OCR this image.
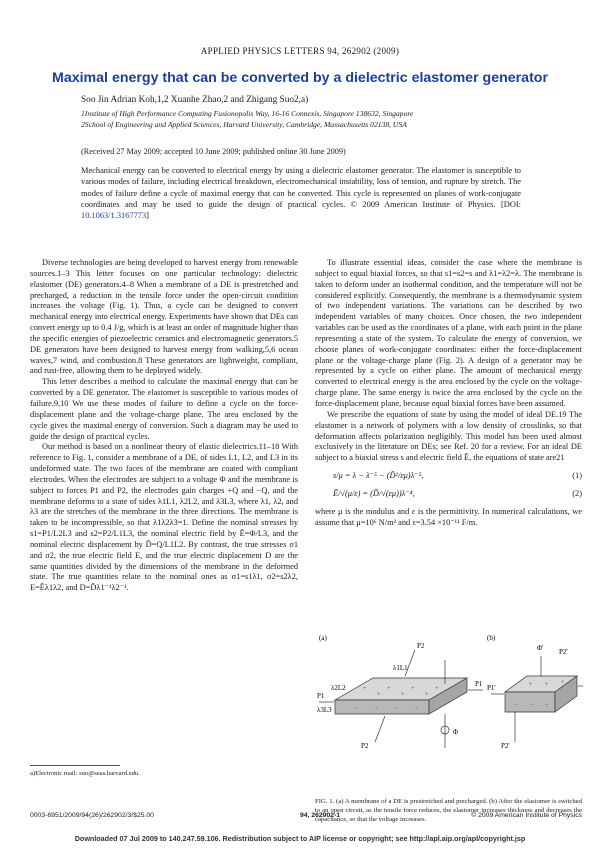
APPLIED PHYSICS LETTERS 94, 262902 (2009)
Maximal energy that can be converted by a dielectric elastomer generator
Soo Jin Adrian Koh,1,2 Xuanhe Zhao,2 and Zhigang Suo2,a)
1Institute of High Performance Computing Fusionopolis Way, 16-16 Connexis, Singapore 138632, Singapore
2School of Engineering and Applied Sciences, Harvard University, Cambridge, Massachusetts 02138, USA
(Received 27 May 2009; accepted 10 June 2009; published online 30 June 2009)
Mechanical energy can be converted to electrical energy by using a dielectric elastomer generator. The elastomer is susceptible to various modes of failure, including electrical breakdown, electromechanical instability, loss of tension, and rupture by stretch. The modes of failure define a cycle of maximal energy that can be converted. This cycle is represented on planes of work-conjugate coordinates and may be used to guide the design of practical cycles. © 2009 American Institute of Physics. [DOI: 10.1063/1.3167773]

Diverse technologies are being developed to harvest energy from renewable sources.1–3 This letter focuses on one particular technology: dielectric elastomer (DE) generators.4–8 When a membrane of a DE is prestretched and precharged, a reduction in the tensile force under the open-circuit condition increases the voltage (Fig. 1). Thus, a cycle can be designed to convert mechanical energy into electrical energy. Experiments have shown that DEs can convert energy up to 0.4 J/g, which is at least an order of magnitude higher than the specific energies of piezoelectric ceramics and electromagnetic generators.5 DE generators have been designed to harvest energy from walking,5,6 ocean waves,7 wind, and combustion.8 These generators are lightweight, compliant, and rust-free, allowing them to be deployed widely.

This letter describes a method to calculate the maximal energy that can be converted by a DE generator. The elastomer is susceptible to various modes of failure.9,10 We use these modes of failure to define a cycle on the force-displacement plane and the voltage-charge plane. The area enclosed by the cycle gives the maximal energy of conversion. Such a diagram may be used to guide the design of practical cycles.

Our method is based on a nonlinear theory of elastic dielectrics.11–18 With reference to Fig. 1, consider a membrane of a DE, of sides L1, L2, and L3 in its undeformed state. The two faces of the membrane are coated with compliant electrodes. When the electrodes are subject to a voltage Φ and the membrane is subject to forces P1 and P2, the electrodes gain charges +Q and −Q, and the membrane deforms to a state of sides λ1L1, λ2L2, and λ3L3, where λ1, λ2, and λ3 are the stretches of the membrane in the three directions. The membrane is taken to be incompressible, so that λ1λ2λ3=1. Define the nominal stresses by s1=P1/L2L3 and s2=P2/L1L3, the nominal electric field by Ẽ=Φ/L3, and the nominal electric displacement by D̃=Q/L1L2. By contrast, the true stresses σ1 and σ2, the true electric field E, and the true electric displacement D are the same quantities divided by the dimensions of the membrane in the deformed state. The true quantities relate to the nominal ones as σ1=s1λ1, σ2=s2λ2, E=Ẽλ1λ2, and D=D̃λ1⁻¹λ2⁻¹.

To illustrate essential ideas, consider the case where the membrane is subject to equal biaxial forces, so that s1=s2=s and λ1=λ2=λ. The membrane is taken to deform under an isothermal condition, and the temperature will not be considered explicitly. Consequently, the membrane is a thermodynamic system of two independent variations. The variations can be described by two independent variables of many choices. Once chosen, the two independent variables can be used as the coordinates of a plane, with each point in the plane representing a state of the system. To calculate the energy of conversion, we choose planes of work-conjugate coordinates: either the force-displacement plane or the voltage-charge plane (Fig. 2). A design of a generator may be represented by a cycle on either plane. The amount of mechanical energy converted to electrical energy is the area enclosed by the cycle on the voltage-charge plane. The same energy is twice the area enclosed by the cycle on the force-displacement plane, because equal biaxial forces have been assumed.

We prescribe the equations of state by using the model of ideal DE.19 The elastomer is a network of polymers with a low density of crosslinks, so that deformation affects polarization negligibly. This model has been used almost exclusively in the literature on DEs; see Ref. 20 for a review. For an ideal DE subject to a biaxial stress s and electric field Ẽ, the equations of state are21

s/μ = λ − λ⁻⁵ − (D̃²/εμ)λ⁻⁵,	(1)
Ẽ/√(μ/ε) = (D̃/√(εμ))λ⁻⁴,	(2)

where μ is the modulus and ε is the permittivity. In numerical calculations, we assume that μ=10⁶ N/m² and ε=3.54 ×10⁻¹¹ F/m.

(a)
+	+	+	+
+	+	+
−	−	−	−
P1
P1
P2
P2
λ1L1
λ2L2
λ3L3
Φ
(b)
+ + +
− − −
Φ' P2'
P1'
P2'
FIG. 1. (a) A membrane of a DE is prestretched and precharged. (b) After the elastomer is switched to an open circuit, as the tensile force reduces, the elastomer increases thickness and decreases the capacitance, so that the voltage increases.
a)Electronic mail: suo@seas.harvard.edu.
0003-6951/2009/94(26)/262902/3/$25.00	94, 262902-1	© 2009 American Institute of Physics
Downloaded 07 Jul 2009 to 140.247.59.106. Redistribution subject to AIP license or copyright; see http://apl.aip.org/apl/copyright.jsp
